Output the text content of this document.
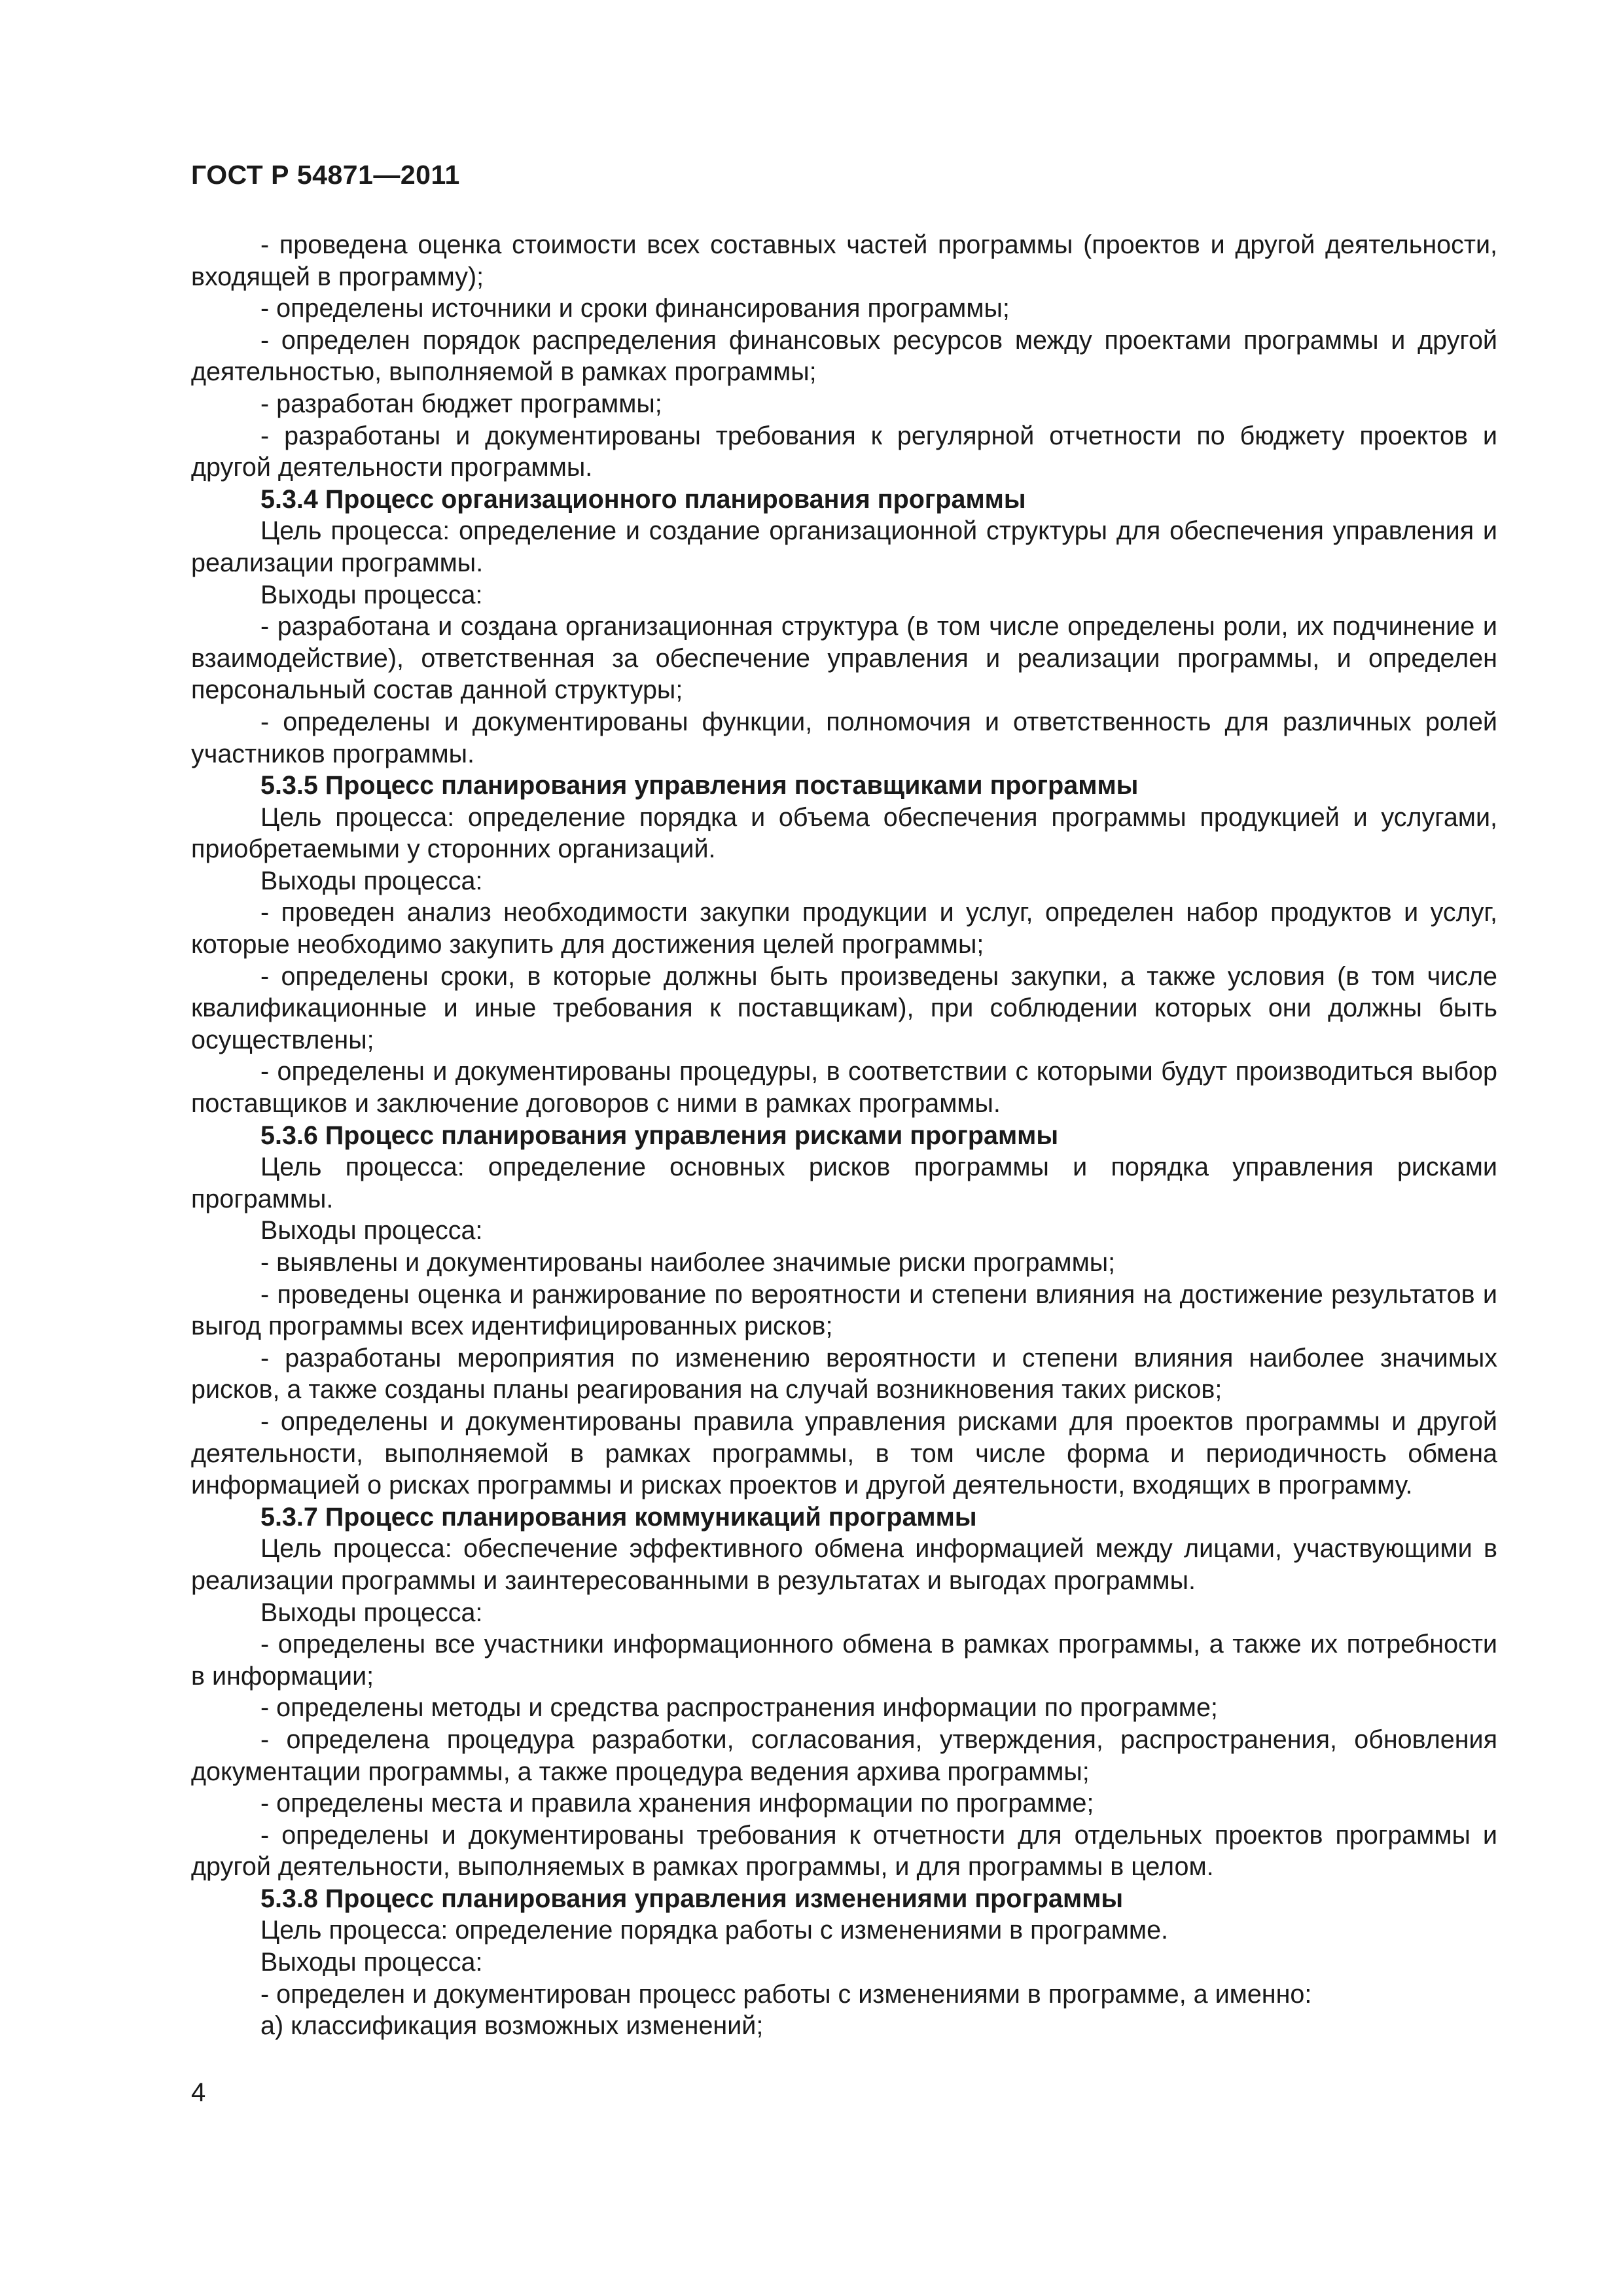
ГОСТ Р 54871—2011
- проведена оценка стоимости всех составных частей программы (проектов и другой деятельности, входящей в программу);
- определены источники и сроки финансирования программы;
- определен порядок распределения финансовых ресурсов между проектами программы и другой деятельностью, выполняемой в рамках программы;
- разработан бюджет программы;
- разработаны и документированы требования к регулярной отчетности по бюджету проектов и другой деятельности программы.
5.3.4 Процесс организационного планирования программы
Цель процесса: определение и создание организационной структуры для обеспечения управления и реализации программы.
Выходы процесса:
- разработана и создана организационная структура (в том числе определены роли, их подчинение и взаимодействие), ответственная за обеспечение управления и реализации программы, и определен персональный состав данной структуры;
- определены и документированы функции, полномочия и ответственность для различных ролей участников программы.
5.3.5 Процесс планирования управления поставщиками программы
Цель процесса: определение порядка и объема обеспечения программы продукцией и услугами, приобретаемыми у сторонних организаций.
Выходы процесса:
- проведен анализ необходимости закупки продукции и услуг, определен набор продуктов и услуг, которые необходимо закупить для достижения целей программы;
- определены сроки, в которые должны быть произведены закупки, а также условия (в том числе квалификационные и иные требования к поставщикам), при соблюдении которых они должны быть осуществлены;
- определены и документированы процедуры, в соответствии с которыми будут производиться выбор поставщиков и заключение договоров с ними в рамках программы.
5.3.6 Процесс планирования управления рисками программы
Цель процесса: определение основных рисков программы и порядка управления рисками программы.
Выходы процесса:
- выявлены и документированы наиболее значимые риски программы;
- проведены оценка и ранжирование по вероятности и степени влияния на достижение результатов и выгод программы всех идентифицированных рисков;
- разработаны мероприятия по изменению вероятности и степени влияния наиболее значимых рисков, а также созданы планы реагирования на случай возникновения таких рисков;
- определены и документированы правила управления рисками для проектов программы и другой деятельности, выполняемой в рамках программы, в том числе форма и периодичность обмена информацией о рисках программы и рисках проектов и другой деятельности, входящих в программу.
5.3.7 Процесс планирования коммуникаций программы
Цель процесса: обеспечение эффективного обмена информацией между лицами, участвующими в реализации программы и заинтересованными в результатах и выгодах программы.
Выходы процесса:
- определены все участники информационного обмена в рамках программы, а также их потребности в информации;
- определены методы и средства распространения информации по программе;
- определена процедура разработки, согласования, утверждения, распространения, обновления документации программы, а также процедура ведения архива программы;
- определены места и правила хранения информации по программе;
- определены и документированы требования к отчетности для отдельных проектов программы и другой деятельности, выполняемых в рамках программы, и для программы в целом.
5.3.8 Процесс планирования управления изменениями программы
Цель процесса: определение порядка работы с изменениями в программе.
Выходы процесса:
- определен и документирован процесс работы с изменениями в программе, а именно:
а) классификация возможных изменений;
4
